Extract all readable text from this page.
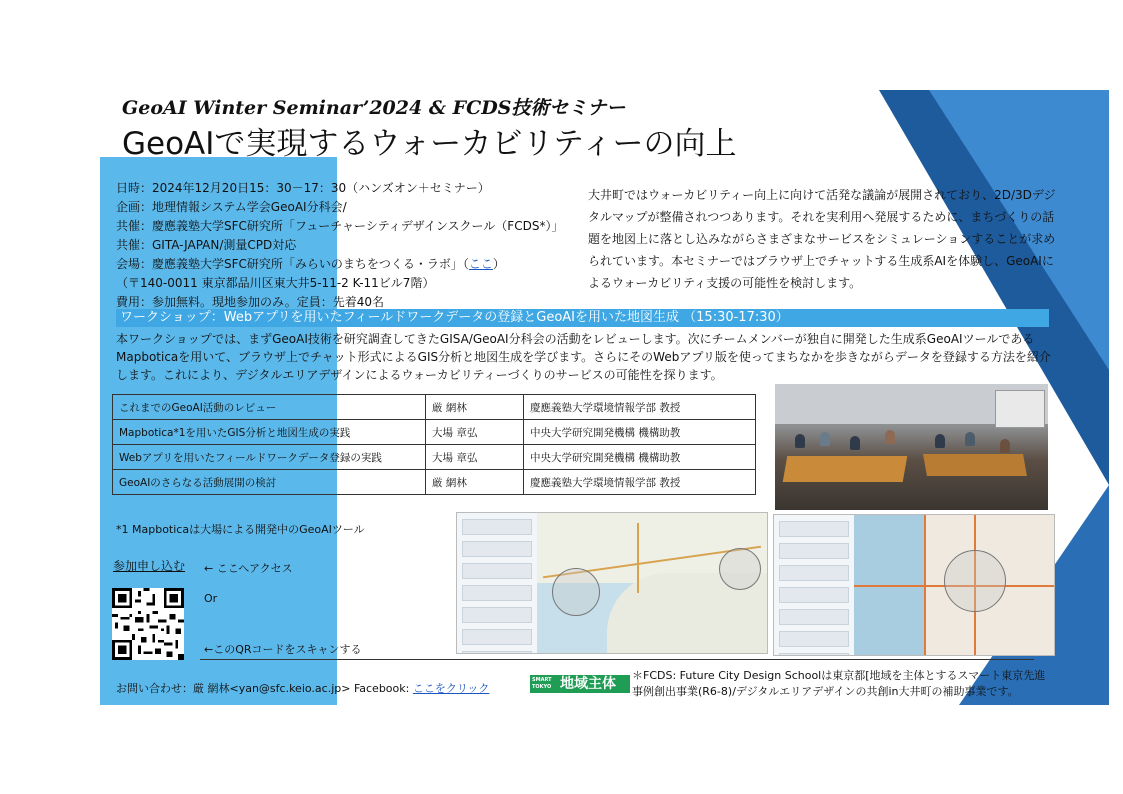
GeoAI Winter Seminar’2024 & FCDS技術セミナー
GeoAIで実現するウォーカビリティーの向上
日時：2024年12月20日15：30－17：30（ハンズオン＋セミナー）
企画：地理情報システム学会GeoAI分科会/
共催：慶應義塾大学SFC研究所「フューチャーシティデザインスクール（FCDS*）」
共催：GITA-JAPAN/測量CPD対応
会場：慶應義塾大学SFC研究所「みらいのまちをつくる・ラボ」（ここ）
（〒140-0011 東京都品川区東大井5-11-2 K-11ビル7階）
費用：参加無料。現地参加のみ。定員：先着40名
大井町ではウォーカビリティー向上に向けて活発な議論が展開されており、2D/3Dデジタルマップが整備されつつあります。それを実利用へ発展するために、まちづくりの話題を地図上に落とし込みながらさまざまなサービスをシミュレーションすることが求められています。本セミナーではブラウザ上でチャットする生成系AIを体験し、GeoAIによるウォーカビリティ支援の可能性を検討します。
ワークショップ：Webアプリを用いたフィールドワークデータの登録とGeoAIを用いた地図生成 （15:30-17:30）
本ワークショップでは、まずGeoAI技術を研究調査してきたGISA/GeoAI分科会の活動をレビューします。次にチームメンバーが独自に開発した生成系GeoAIツールであるMapboticaを用いて、ブラウザ上でチャット形式によるGIS分析と地図生成を学びます。さらにそのWebアプリ版を使ってまちなかを歩きながらデータを登録する方法を紹介します。これにより、デジタルエリアデザインによるウォーカビリティーづくりのサービスの可能性を探ります。
これまでのGeoAI活動のレビュー	厳 網林	慶應義塾大学環境情報学部 教授
Mapbotica*1を用いたGIS分析と地図生成の実践	大場 章弘	中央大学研究開発機構 機構助教
Webアプリを用いたフィールドワークデータ登録の実践	大場 章弘	中央大学研究開発機構 機構助教
GeoAIのさらなる活動展開の検討	厳 網林	慶應義塾大学環境情報学部 教授
*1 Mapboticaは大場による開発中のGeoAIツール
参加申し込む ← ここへアクセス
Or
←このQRコードをスキャンする
お問い合わせ：厳 網林<yan@sfc.keio.ac.jp> Facebook: ここをクリック
SMART TOKYO 地域主体
＊FCDS: Future City Design Schoolは東京都[地域を主体とするスマート東京先進事例創出事業(R6-8)/デジタルエリアデザインの共創in大井町の補助事業です。
